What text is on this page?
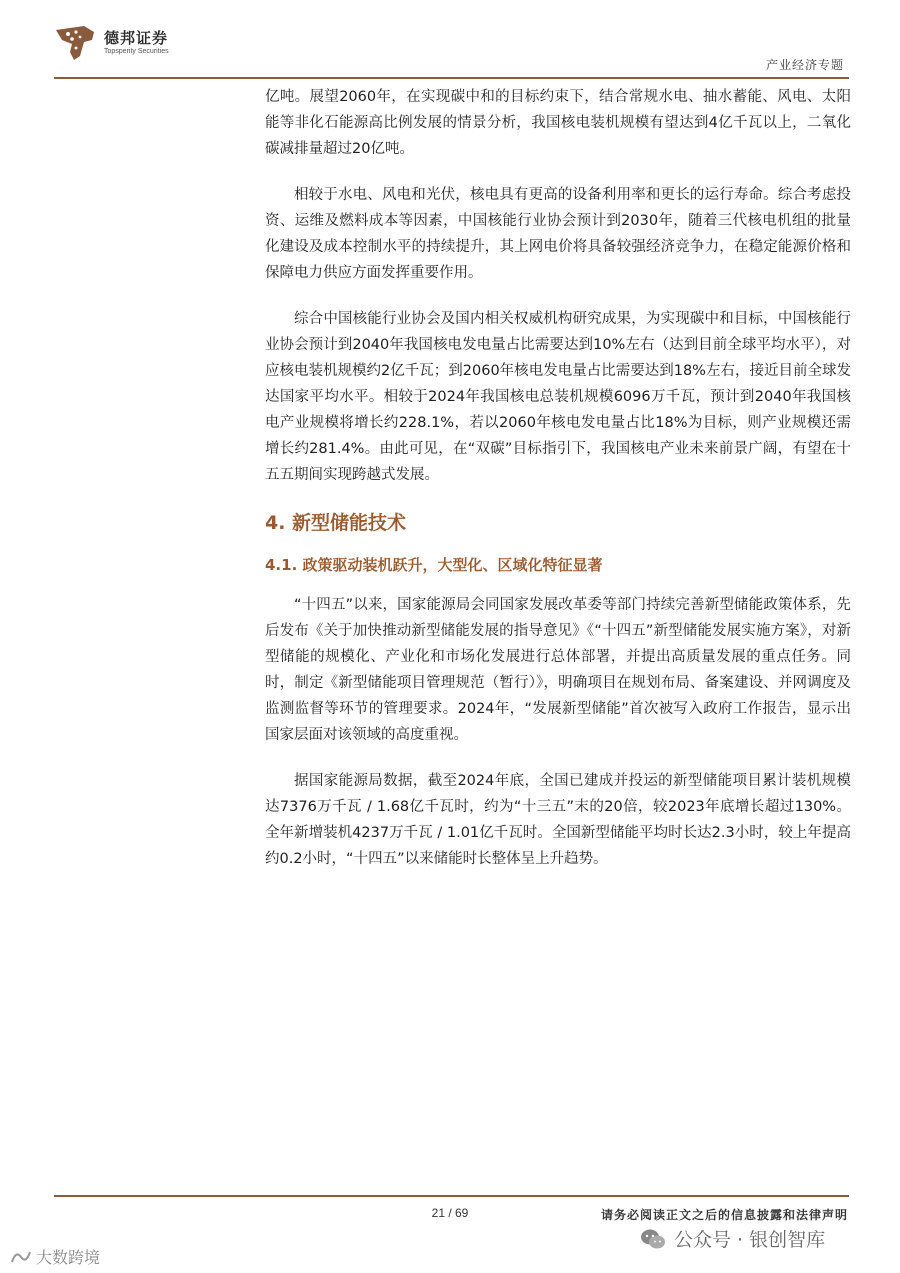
德邦证券
Topsperity Securities
产业经济专题

亿吨。展望2060年，在实现碳中和的目标约束下，结合常规水电、抽水蓄能、风电、太阳能等非化石能源高比例发展的情景分析，我国核电装机规模有望达到4亿千瓦以上，二氧化碳减排量超过20亿吨。

相较于水电、风电和光伏，核电具有更高的设备利用率和更长的运行寿命。综合考虑投资、运维及燃料成本等因素，中国核能行业协会预计到2030年，随着三代核电机组的批量化建设及成本控制水平的持续提升，其上网电价将具备较强经济竞争力，在稳定能源价格和保障电力供应方面发挥重要作用。

综合中国核能行业协会及国内相关权威机构研究成果，为实现碳中和目标，中国核能行业协会预计到2040年我国核电发电量占比需要达到10%左右（达到目前全球平均水平），对应核电装机规模约2亿千瓦；到2060年核电发电量占比需要达到18%左右，接近目前全球发达国家平均水平。相较于2024年我国核电总装机规模6096万千瓦，预计到2040年我国核电产业规模将增长约228.1%，若以2060年核电发电量占比18%为目标，则产业规模还需增长约281.4%。由此可见，在“双碳”目标指引下，我国核电产业未来前景广阔，有望在十五五期间实现跨越式发展。

4. 新型储能技术
4.1. 政策驱动装机跃升，大型化、区域化特征显著

“十四五”以来，国家能源局会同国家发展改革委等部门持续完善新型储能政策体系，先后发布《关于加快推动新型储能发展的指导意见》《“十四五”新型储能发展实施方案》，对新型储能的规模化、产业化和市场化发展进行总体部署，并提出高质量发展的重点任务。同时，制定《新型储能项目管理规范（暂行）》，明确项目在规划布局、备案建设、并网调度及监测监督等环节的管理要求。2024年，“发展新型储能”首次被写入政府工作报告，显示出国家层面对该领域的高度重视。

据国家能源局数据，截至2024年底，全国已建成并投运的新型储能项目累计装机规模达7376万千瓦 / 1.68亿千瓦时，约为“十三五”末的20倍，较2023年底增长超过130%。全年新增装机4237万千瓦 / 1.01亿千瓦时。全国新型储能平均时长达2.3小时，较上年提高约0.2小时，“十四五”以来储能时长整体呈上升趋势。

21 / 69	请务必阅读正文之后的信息披露和法律声明
公众号 · 银创智库
大数跨境
